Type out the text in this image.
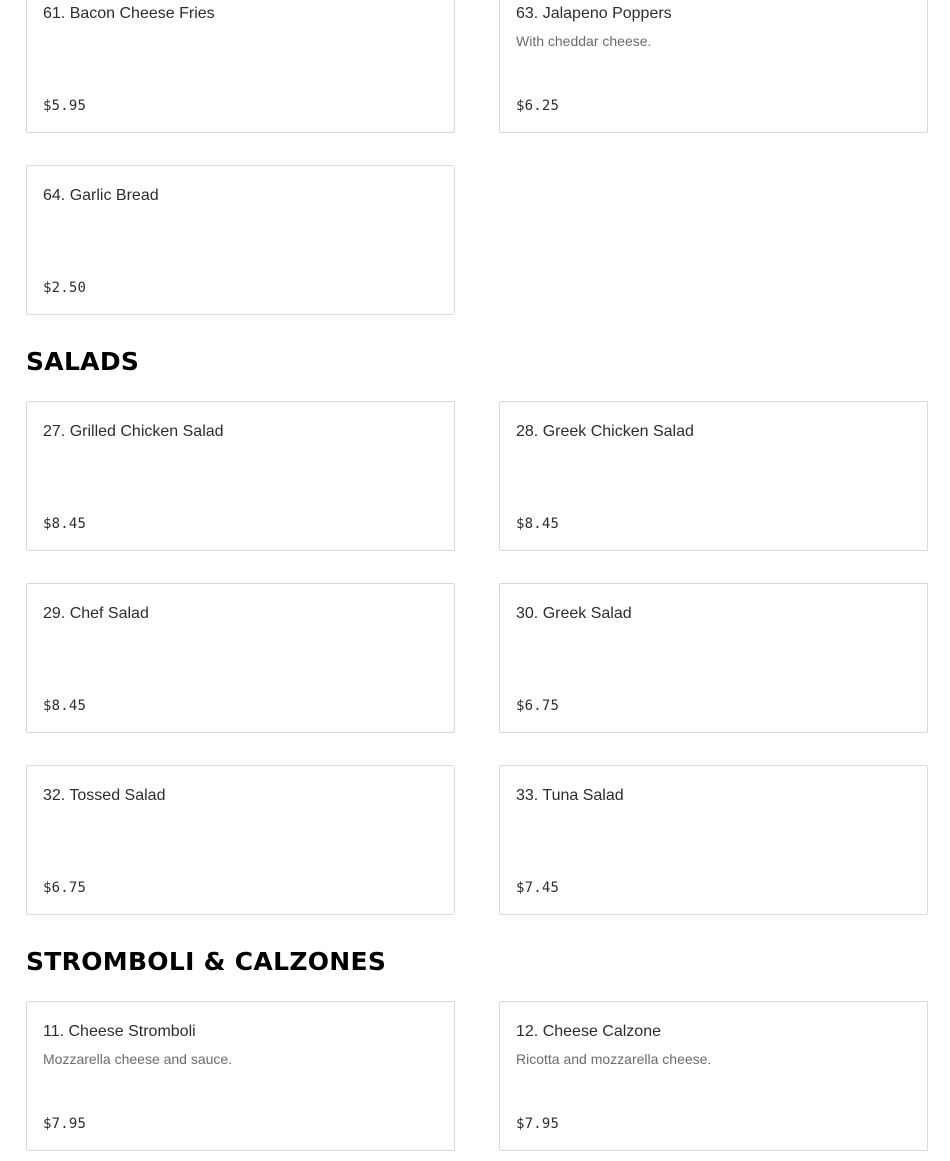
61. Bacon Cheese Fries
$5.95
63. Jalapeno Poppers
With cheddar cheese.
$6.25
64. Garlic Bread
$2.50
SALADS
27. Grilled Chicken Salad
$8.45
28. Greek Chicken Salad
$8.45
29. Chef Salad
$8.45
30. Greek Salad
$6.75
32. Tossed Salad
$6.75
33. Tuna Salad
$7.45
STROMBOLI & CALZONES
11. Cheese Stromboli
Mozzarella cheese and sauce.
$7.95
12. Cheese Calzone
Ricotta and mozzarella cheese.
$7.95
